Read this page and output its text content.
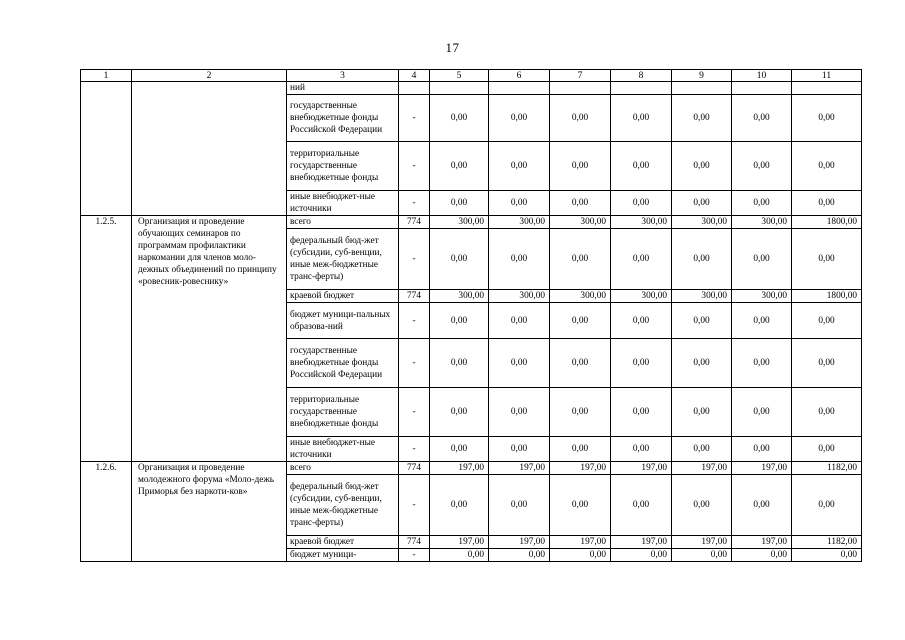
17
1	2	3	4	5	6	7	8	9	10	11
		ний								
		государственные внебюджетные фонды Российской Федерации	-	0,00	0,00	0,00	0,00	0,00	0,00	0,00
		территориальные государственные внебюджетные фонды	-	0,00	0,00	0,00	0,00	0,00	0,00	0,00
		иные внебюджет-ные источники	-	0,00	0,00	0,00	0,00	0,00	0,00	0,00
1.2.5.	Организация и проведение обучающих семинаров по программам профилактики наркомании для членов моло-дежных объединений по принципу «ровесник-ровеснику»	всего	774	300,00	300,00	300,00	300,00	300,00	300,00	1800,00
		федеральный бюд-жет (субсидии, суб-венции, иные меж-бюджетные транс-ферты)	-	0,00	0,00	0,00	0,00	0,00	0,00	0,00
		краевой бюджет	774	300,00	300,00	300,00	300,00	300,00	300,00	1800,00
		бюджет муници-пальных образова-ний	-	0,00	0,00	0,00	0,00	0,00	0,00	0,00
		государственные внебюджетные фонды Российской Федерации	-	0,00	0,00	0,00	0,00	0,00	0,00	0,00
		территориальные государственные внебюджетные фонды	-	0,00	0,00	0,00	0,00	0,00	0,00	0,00
		иные внебюджет-ные источники	-	0,00	0,00	0,00	0,00	0,00	0,00	0,00
1.2.6.	Организация и проведение молодежного форума «Моло-дежь Приморья без наркоти-ков»	всего	774	197,00	197,00	197,00	197,00	197,00	197,00	1182,00
		федеральный бюд-жет (субсидии, суб-венции, иные меж-бюджетные транс-ферты)	-	0,00	0,00	0,00	0,00	0,00	0,00	0,00
		краевой бюджет	774	197,00	197,00	197,00	197,00	197,00	197,00	1182,00
		бюджет муници-	-	0,00	0,00	0,00	0,00	0,00	0,00	0,00
